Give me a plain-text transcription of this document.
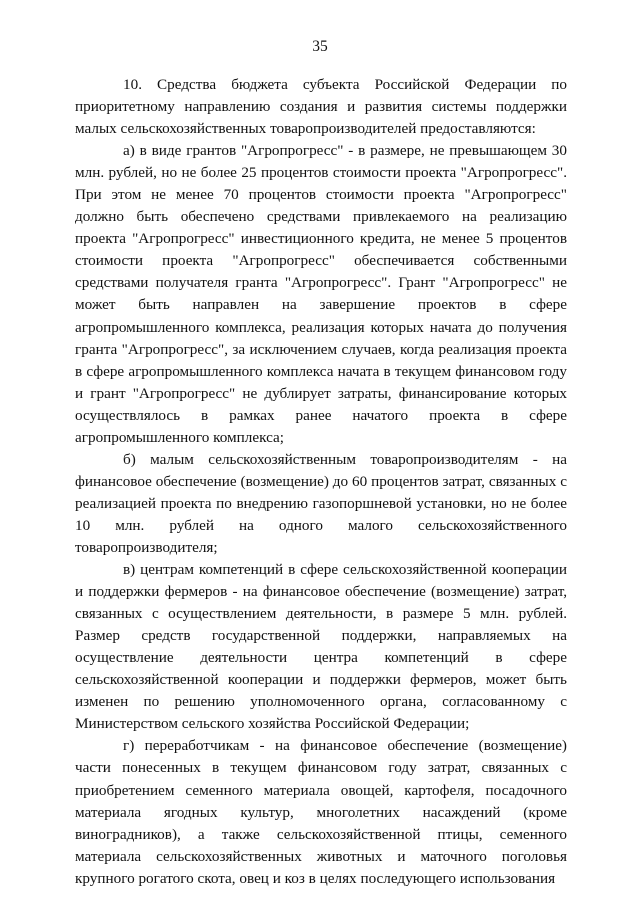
35

10. Средства бюджета субъекта Российской Федерации по приоритетному направлению создания и развития системы поддержки малых сельскохозяйственных товаропроизводителей предоставляются:

а) в виде грантов "Агропрогресс" - в размере, не превышающем 30 млн. рублей, но не более 25 процентов стоимости проекта "Агропрогресс". При этом не менее 70 процентов стоимости проекта "Агропрогресс" должно быть обеспечено средствами привлекаемого на реализацию проекта "Агропрогресс" инвестиционного кредита, не менее 5 процентов стоимости проекта "Агропрогресс" обеспечивается собственными средствами получателя гранта "Агропрогресс". Грант "Агропрогресс" не может быть направлен на завершение проектов в сфере агропромышленного комплекса, реализация которых начата до получения гранта "Агропрогресс", за исключением случаев, когда реализация проекта в сфере агропромышленного комплекса начата в текущем финансовом году и грант "Агропрогресс" не дублирует затраты, финансирование которых осуществлялось в рамках ранее начатого проекта в сфере агропромышленного комплекса;

б) малым сельскохозяйственным товаропроизводителям - на финансовое обеспечение (возмещение) до 60 процентов затрат, связанных с реализацией проекта по внедрению газопоршневой установки, но не более 10 млн. рублей на одного малого сельскохозяйственного товаропроизводителя;

в) центрам компетенций в сфере сельскохозяйственной кооперации и поддержки фермеров - на финансовое обеспечение (возмещение) затрат, связанных с осуществлением деятельности, в размере 5 млн. рублей. Размер средств государственной поддержки, направляемых на осуществление деятельности центра компетенций в сфере сельскохозяйственной кооперации и поддержки фермеров, может быть изменен по решению уполномоченного органа, согласованному с Министерством сельского хозяйства Российской Федерации;

г) переработчикам - на финансовое обеспечение (возмещение) части понесенных в текущем финансовом году затрат, связанных с приобретением семенного материала овощей, картофеля, посадочного материала ягодных культур, многолетних насаждений (кроме виноградников), а также сельскохозяйственной птицы, семенного материала сельскохозяйственных животных и маточного поголовья крупного рогатого скота, овец и коз в целях последующего использования
